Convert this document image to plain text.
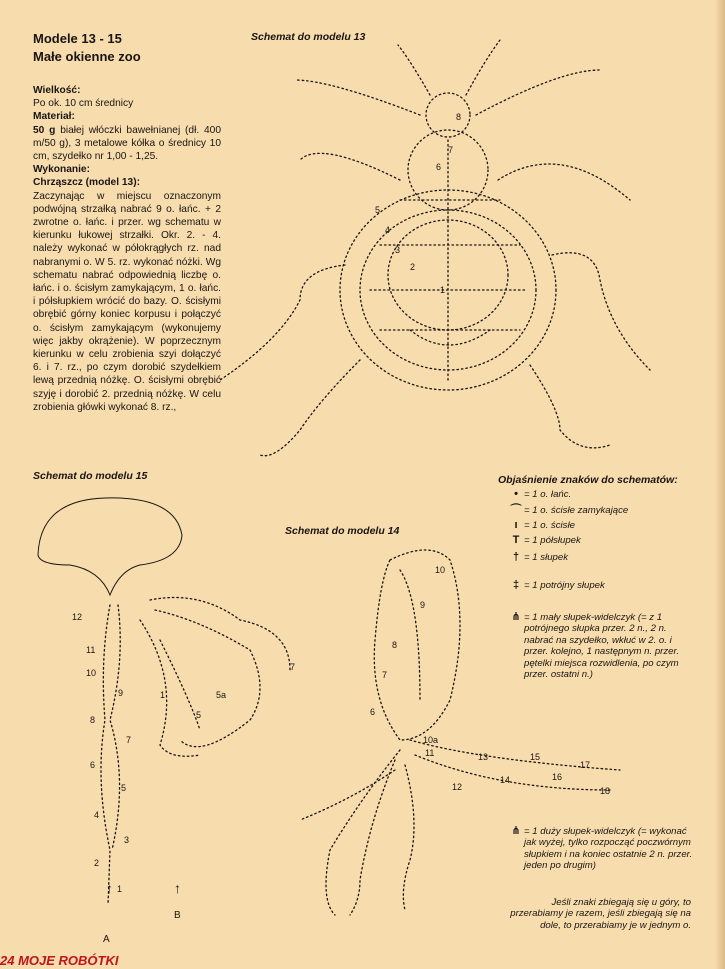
Modele 13 - 15
Małe okienne zoo

Wielkość:

Po ok. 10 cm średnicy

Materiał:

50 g białej włóczki bawełnianej (dł. 400 m/50 g), 3 metalowe kółka o średnicy 10 cm, szydełko nr 1,00 - 1,25.

Wykonanie:

Chrząszcz (model 13):

Zaczynając w miejscu oznaczonym podwójną strzałką nabrać 9 o. łańc. + 2 zwrotne o. łańc. i przer. wg schematu w kierunku łukowej strzałki. Okr. 2. - 4. należy wykonać w półokrągłych rz. nad nabranymi o. W 5. rz. wykonać nóżki. Wg schematu nabrać odpowiednią liczbę o. łańc. i o. ścisłym zamykającym, 1 o. łańc. i półsłupkiem wrócić do bazy. O. ścisłymi obrębić górny koniec korpusu i połączyć o. ścisłym zamykającym (wykonujemy więc jakby okrążenie). W poprzecznym kierunku w celu zrobienia szyi dołączyć 6. i 7. rz., po czym dorobić szydełkiem lewą przednią nóżkę. O. ścisłymi obrębić szyję i dorobić 2. przednią nóżkę. W celu zrobienia główki wykonać 8. rz.,

Schemat do modelu 13
Schemat do modelu 15
Schemat do modelu 14
12
11
10
9
8
7
6
5
4
3
2
1
7
5a
5
1
↑
A
↑
B
10
9
8
7
6
10a
11
12
13
14
15
16
17
18
8
7
6
5
4
3
2
1
Objaśnienie znaków do schematów:
• = 1 o. łańc.
⌒ = 1 o. ścisłe zamykające
ı = 1 o. ścisłe
T = 1 półsłupek
† = 1 słupek
‡ = 1 potrójny słupek
⋔ = 1 mały słupek-widelczyk (= z 1 potrójnego słupka przer. 2 n., 2 n. nabrać na szydełko, wkłuć w 2. o. i przer. kolejno, 1 następnym n. przer. pętelki miejsca rozwidlenia, po czym przer. ostatni n.)
⋔ = 1 duży słupek-widelczyk (= wykonać jak wyżej, tylko rozpocząć poczwórnym słupkiem i na koniec ostatnie 2 n. przer. jeden po drugim)
Jeśli znaki zbiegają się u góry, to przerabiamy je razem, jeśli zbiegają się na dole, to przerabiamy je w jednym o.
24 MOJE ROBÓTKI
